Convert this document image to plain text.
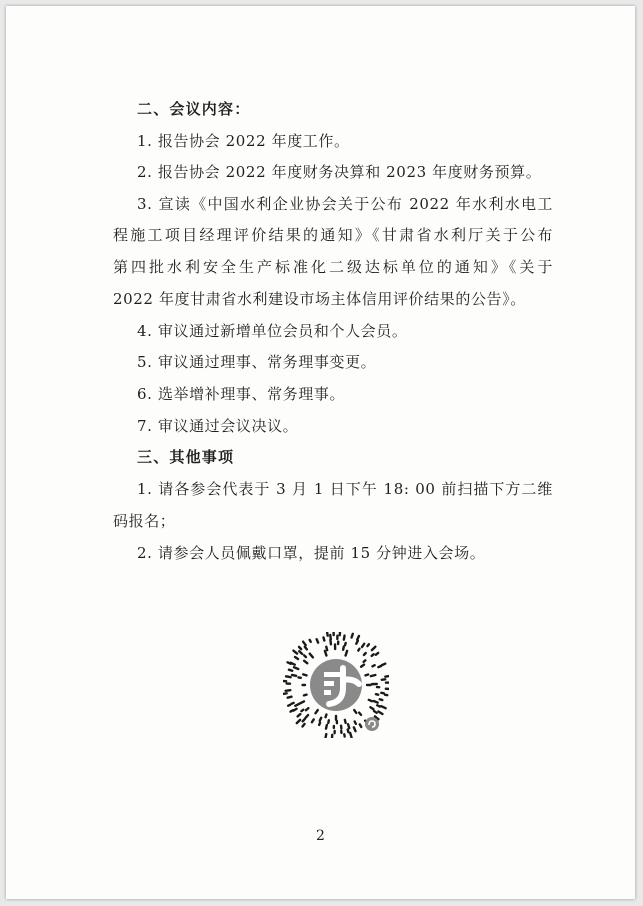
二、会议内容：
1. 报告协会 2022 年度工作。
2. 报告协会 2022 年度财务决算和 2023 年度财务预算。
3. 宣读《中国水利企业协会关于公布 2022 年水利水电工
程施工项目经理评价结果的通知》《甘肃省水利厅关于公布
第四批水利安全生产标准化二级达标单位的通知》《关于
2022 年度甘肃省水利建设市场主体信用评价结果的公告》。
4. 审议通过新增单位会员和个人会员。
5. 审议通过理事、常务理事变更。
6. 选举增补理事、常务理事。
7. 审议通过会议决议。
三、其他事项
1. 请各参会代表于 3 月 1 日下午 18: 00 前扫描下方二维
码报名；
2. 请参会人员佩戴口罩，提前 15 分钟进入会场。
2
